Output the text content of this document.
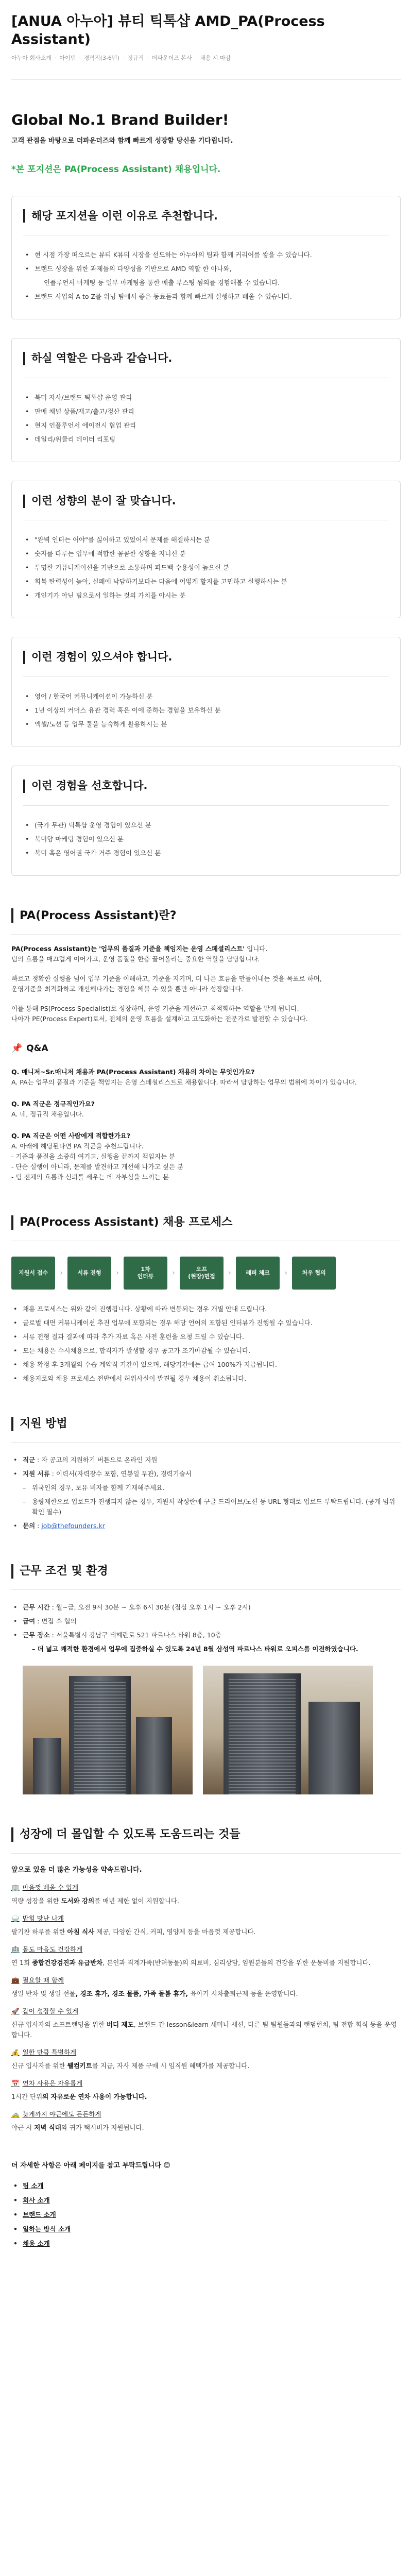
[ANUA 아누아] 뷰티 틱톡샵 AMD_PA(Process Assistant)
아누아 회사소개 · 아이템 · 경력직(3-6년) · 정규직 · 더파운더즈 본사 · 채용 시 마감
Global No.1 Brand Builder!
고객 관점을 바탕으로 더파운더즈와 함께 빠르게 성장할 당신을 기다립니다.
*본 포지션은 PA(Process Assistant) 채용입니다.
해당 포지션을 이런 이유로 추천합니다.
• 현 시점 가장 떠오르는 뷰티 K뷰티 시장을 선도하는 아누아의 팀과 함께 커리어를 쌓을 수 있습니다.
• 브랜드 성장을 위한 과제들의 다양성을 기반으로 AMD 역할 한 아나와,
인플루언서 마케팅 등 일부 마케팅을 통한 매출 부스팅 됨의를 경험해볼 수 있습니다.
• 브랜드 사업의 A to Z를 위닝 팀에서 좋은 동료들과 함께 빠르게 실행하고 배울 수 있습니다.
하실 역할은 다음과 같습니다.
• 북미 자사/브랜드 틱톡샵 운영 관리
• 판매 채널 상품/재고/출고/정산 관리
• 현지 인플루언서 에이전시 협업 관리
• 데일리/위클리 데이터 리포팅
이런 성향의 분이 잘 맞습니다.
• "완벽 인터는 어야"를 싫어하고 있었어서 문제를 해결하시는 분
• 숫자를 다루는 업무에 적합한 꼼꼼한 성향을 지니신 분
• 투명한 커뮤니케이션을 기반으로 소통하며 피드백 수용성이 높으신 분
• 회복 탄력성이 높아, 실패에 낙담하기보다는 다음에 어떻게 할지를 고민하고 실행하시는 분
• 개인기가 아닌 팀으로서 일하는 것의 가치를 아시는 분
이런 경험이 있으셔야 합니다.
• 영어 / 한국어 커뮤니케이션이 가능하신 분
• 1년 이상의 커머스 유관 경력 혹은 이에 준하는 경험을 보유하신 분
• 엑셀/노션 등 업무 툴을 능숙하게 활용하시는 분
이런 경험을 선호합니다.
• (국가 무관) 틱톡샵 운영 경험이 있으신 분
• 북미향 마케팅 경험이 있으신 분
• 북미 혹은 영어권 국가 거주 경험이 있으신 분
PA(Process Assistant)란?
PA(Process Assistant)는 '업무의 품질과 기준을 책임지는 운영 스페셜리스트' 입니다.
팀의 흐름을 매끄럽게 이어가고, 운영 품질을 한층 끌어올리는 중요한 역할을 담당합니다.
빠르고 정확한 실행을 넘어 업무 기준을 이해하고, 기준을 지키며, 더 나은 흐름을 만들어내는 것을 목표로 하며,
운영기준을 최적화하고 개선해나가는 경험을 해볼 수 있을 뿐만 아니라 성장합니다.
이를 통해 PS(Process Specialist)로 성장하며, 운영 기준을 개선하고 최적화하는 역할을 맡게 됩니다.
나아가 PE(Process Expert)로서, 전체의 운영 흐름을 설계하고 고도화하는 전문가로 발전할 수 있습니다.
📌 Q&A
Q. 매니저~Sr.매니저 채용과 PA(Process Assistant) 채용의 차이는 무엇인가요?
A. PA는 업무의 품질과 기준을 책임지는 운영 스페셜리스트로 채용합니다. 따라서 담당하는 업무의 범위에 차이가 있습니다.
Q. PA 직군은 정규직인가요?
A. 네, 정규직 채용입니다.
Q. PA 직군은 어떤 사람에게 적합한가요?
A. 아래에 해당된다면 PA 직군을 추천드립니다.
- 기준과 품질을 소중히 여기고, 실행을 끝까지 책임지는 분
- 단순 실행이 아니라, 문제를 발견하고 개선해 나가고 싶은 분
- 팀 전체의 흐름과 신뢰를 세우는 데 자부심을 느끼는 분
PA(Process Assistant) 채용 프로세스
지원서 접수	›	서류 전형	›	1차
인터뷰	›	오프
(현장)면접	›	레퍼 체크	›	처우 협의
• 채용 프로세스는 위와 같이 진행됩니다. 상황에 따라 변동되는 경우 개별 안내 드립니다.
• 글로벌 대면 커뮤니케이션 추진 업무에 포함되는 경우 해당 언어의 포함된 인터뷰가 진행될 수 있습니다.
• 서류 전형 결과 결과에 따라 추가 자료 혹은 사전 훈련을 요청 드릴 수 있습니다.
• 모든 채용은 수시채용으로, 합격자가 발생할 경우 공고가 조기마감될 수 있습니다.
• 채용 확정 후 3개월의 수습 계약직 기간이 있으며, 해당기간에는 급여 100%가 지급됩니다.
• 채용지로와 채용 프로세스 전반에서 허위사실이 발견될 경우 채용이 취소됩니다.
지원 방법
• 직군 : 자 공고의 지원하기 버튼으로 온라인 지원
• 지원 서류 : 이력서(자력장수 포함, 연봉일 무관), 경력기술서
– 위국인의 경우, 보유 비자를 함께 기재해주세요.
– 용량제한으로 업로드가 진행되지 않는 경우, 지원서 작성란에 구글 드라이브/노션 등 URL 형태로 업로드 부탁드립니다. (공개 범위 확인 필수)
• 문의 : job@thefounders.kr
근무 조건 및 환경
• 근무 시간 : 월~금, 오전 9시 30분 ~ 오후 6시 30분 (점심 오후 1시 ~ 오후 2시)
• 급여 : 면접 후 협의
• 근무 장소 : 서울특별시 강남구 테헤란로 521 파르나스 타워 8층, 10층
– 더 넓고 쾌적한 환경에서 업무에 집중하실 수 있도록 24년 8월 삼성역 파르나스 타워로 오피스를 이전하였습니다.
성장에 더 몰입할 수 있도록 도움드리는 것들
앞으로 있을 더 많은 가능성을 약속드립니다.
🏢 마음껏 배울 수 있게
역량 성장을 위한 도서와 강의를 매년 제한 없이 지원합니다.
🍚 밥힘 맛난 나게
팔기찬 하루를 위한 아침 식사 제공, 다양한 간식, 커피, 영양제 등을 마음껏 제공합니다.
🏥 몸도 마음도 건강하게
연 1회 종합건강검진과 유급반차, 본인과 직계가족(반려동물)의 의료비, 심리상담, 임원분들의 건강을 위한 운동비를 지원합니다.
💼 필요할 때 함께
생일 반차 및 생일 선물, 경조 휴가, 경조 물품, 가족 돌봄 휴가, 육아기 시차출퇴근제 등을 운영합니다.
🚀 같이 성장할 수 있게
신규 입사자의 소프트랜딩을 위한 버디 제도, 브랜드 간 lesson&learn 세미나 세션, 다른 팀 팀원들과의 랜덤런치, 팀 전합 회식 등을 운영합니다.
💰 일한 만큼 특별하게
신규 입사자를 위한 웰컴키트를 지급, 자사 제품 구매 시 임직원 혜택가를 제공합니다.
📅 연차 사용은 자유롭게
1시간 단위의 자유로운 연차 사용이 가능합니다.
🚕 늦게까지 야근에도 든든하게
야근 시 저녁 식대와 귀가 택시비가 지원됩니다.
더 자세한 사항은 아래 페이지를 참고 부탁드립니다 😊
• 팀 소개
• 회사 소개
• 브랜드 소개
• 일하는 방식 소개
• 채용 소개
